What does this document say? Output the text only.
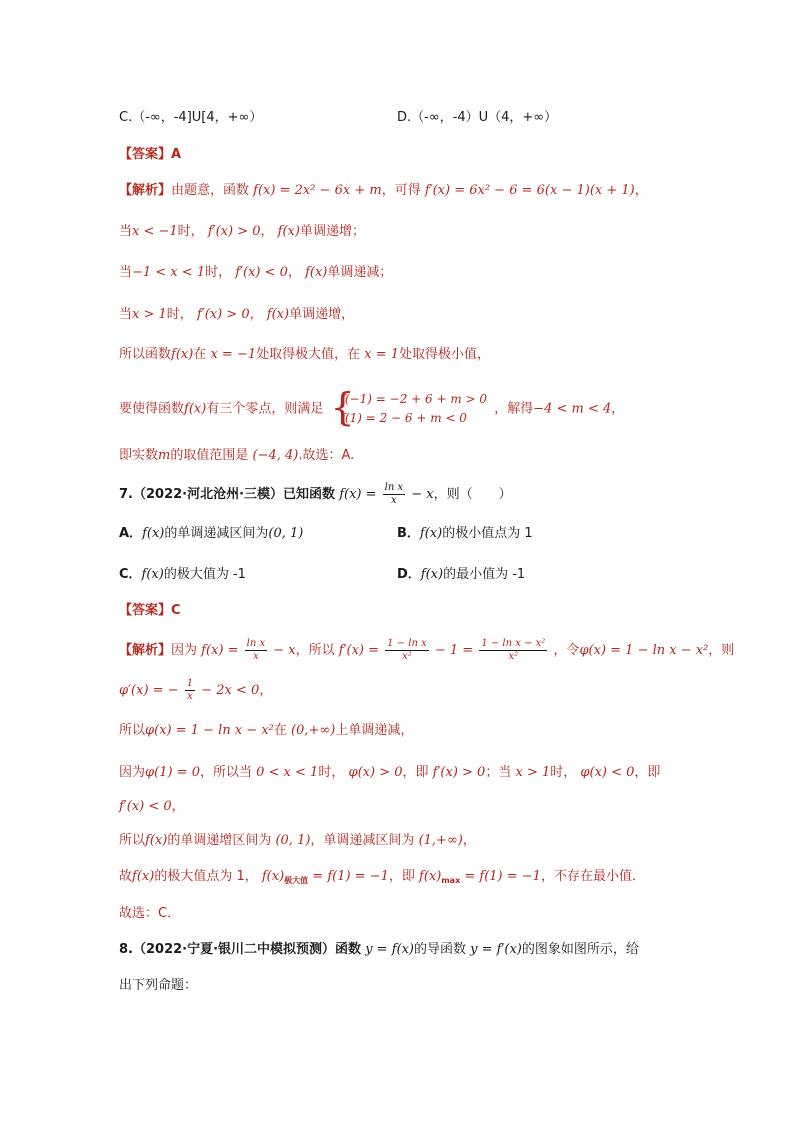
C.（-∞，-4]U[4，+∞）	D.（-∞，-4）U（4，+∞）
【答案】A
【解析】由题意，函数 f(x) = 2x² − 6x + m，可得 f′(x) = 6x² − 6 = 6(x − 1)(x + 1)，
当x < −1时， f′(x) > 0， f(x)单调递增；
当−1 < x < 1时， f′(x) < 0， f(x)单调递减；
当x > 1时， f′(x) > 0， f(x)单调递增，
所以函数f(x)在 x = −1处取得极大值，在 x = 1处取得极小值，
要使得函数f(x)有三个零点，则满足 {
f(−1) = −2 + 6 + m > 0
f(1) = 2 − 6 + m < 0
，解得−4 < m < 4，
即实数m的取值范围是 (−4, 4).故选：A.
7.（2022·河北沧州·三模）已知函数 $f(x) = \frac{\text{ln x}}{x} - x$，则（　　）
A．f(x)的单调递减区间为(0, 1)	B．f(x)的极小值点为 1
C．f(x)的极大值为 -1	D．f(x)的最小值为 -1
【答案】C
【解析】因为 $f(x) = \frac{\text{ln x}}{x} - x$，所以 $f'(x) = \frac{\text{1 − ln x}}{\text{x²}} - 1 = \frac{\text{1 − ln x − x²}}{\text{x²}}$ ，令φ(x) = 1 − ln x − x²，则
φ′(x) = − $\frac{1}{x} - 2x < 0$，
所以φ(x) = 1 − ln x − x²在 (0,+∞)上单调递减，
因为φ(1) = 0，所以当 0 < x < 1时， φ(x) > 0，即 f′(x) > 0；当 x > 1时， φ(x) < 0，即
f′(x) < 0，
所以f(x)的单调递增区间为 (0, 1)，单调递减区间为 (1,+∞)，
故f(x)的极大值点为 1， $f(x)_{极大值} = f(1) = -1$，即 $f(x)_{max} = f(1) = -1$，不存在最小值．
故选：C．
8.（2022·宁夏·银川二中模拟预测）函数 y = f(x)的导函数 y = f′(x)的图象如图所示，给
出下列命题：
